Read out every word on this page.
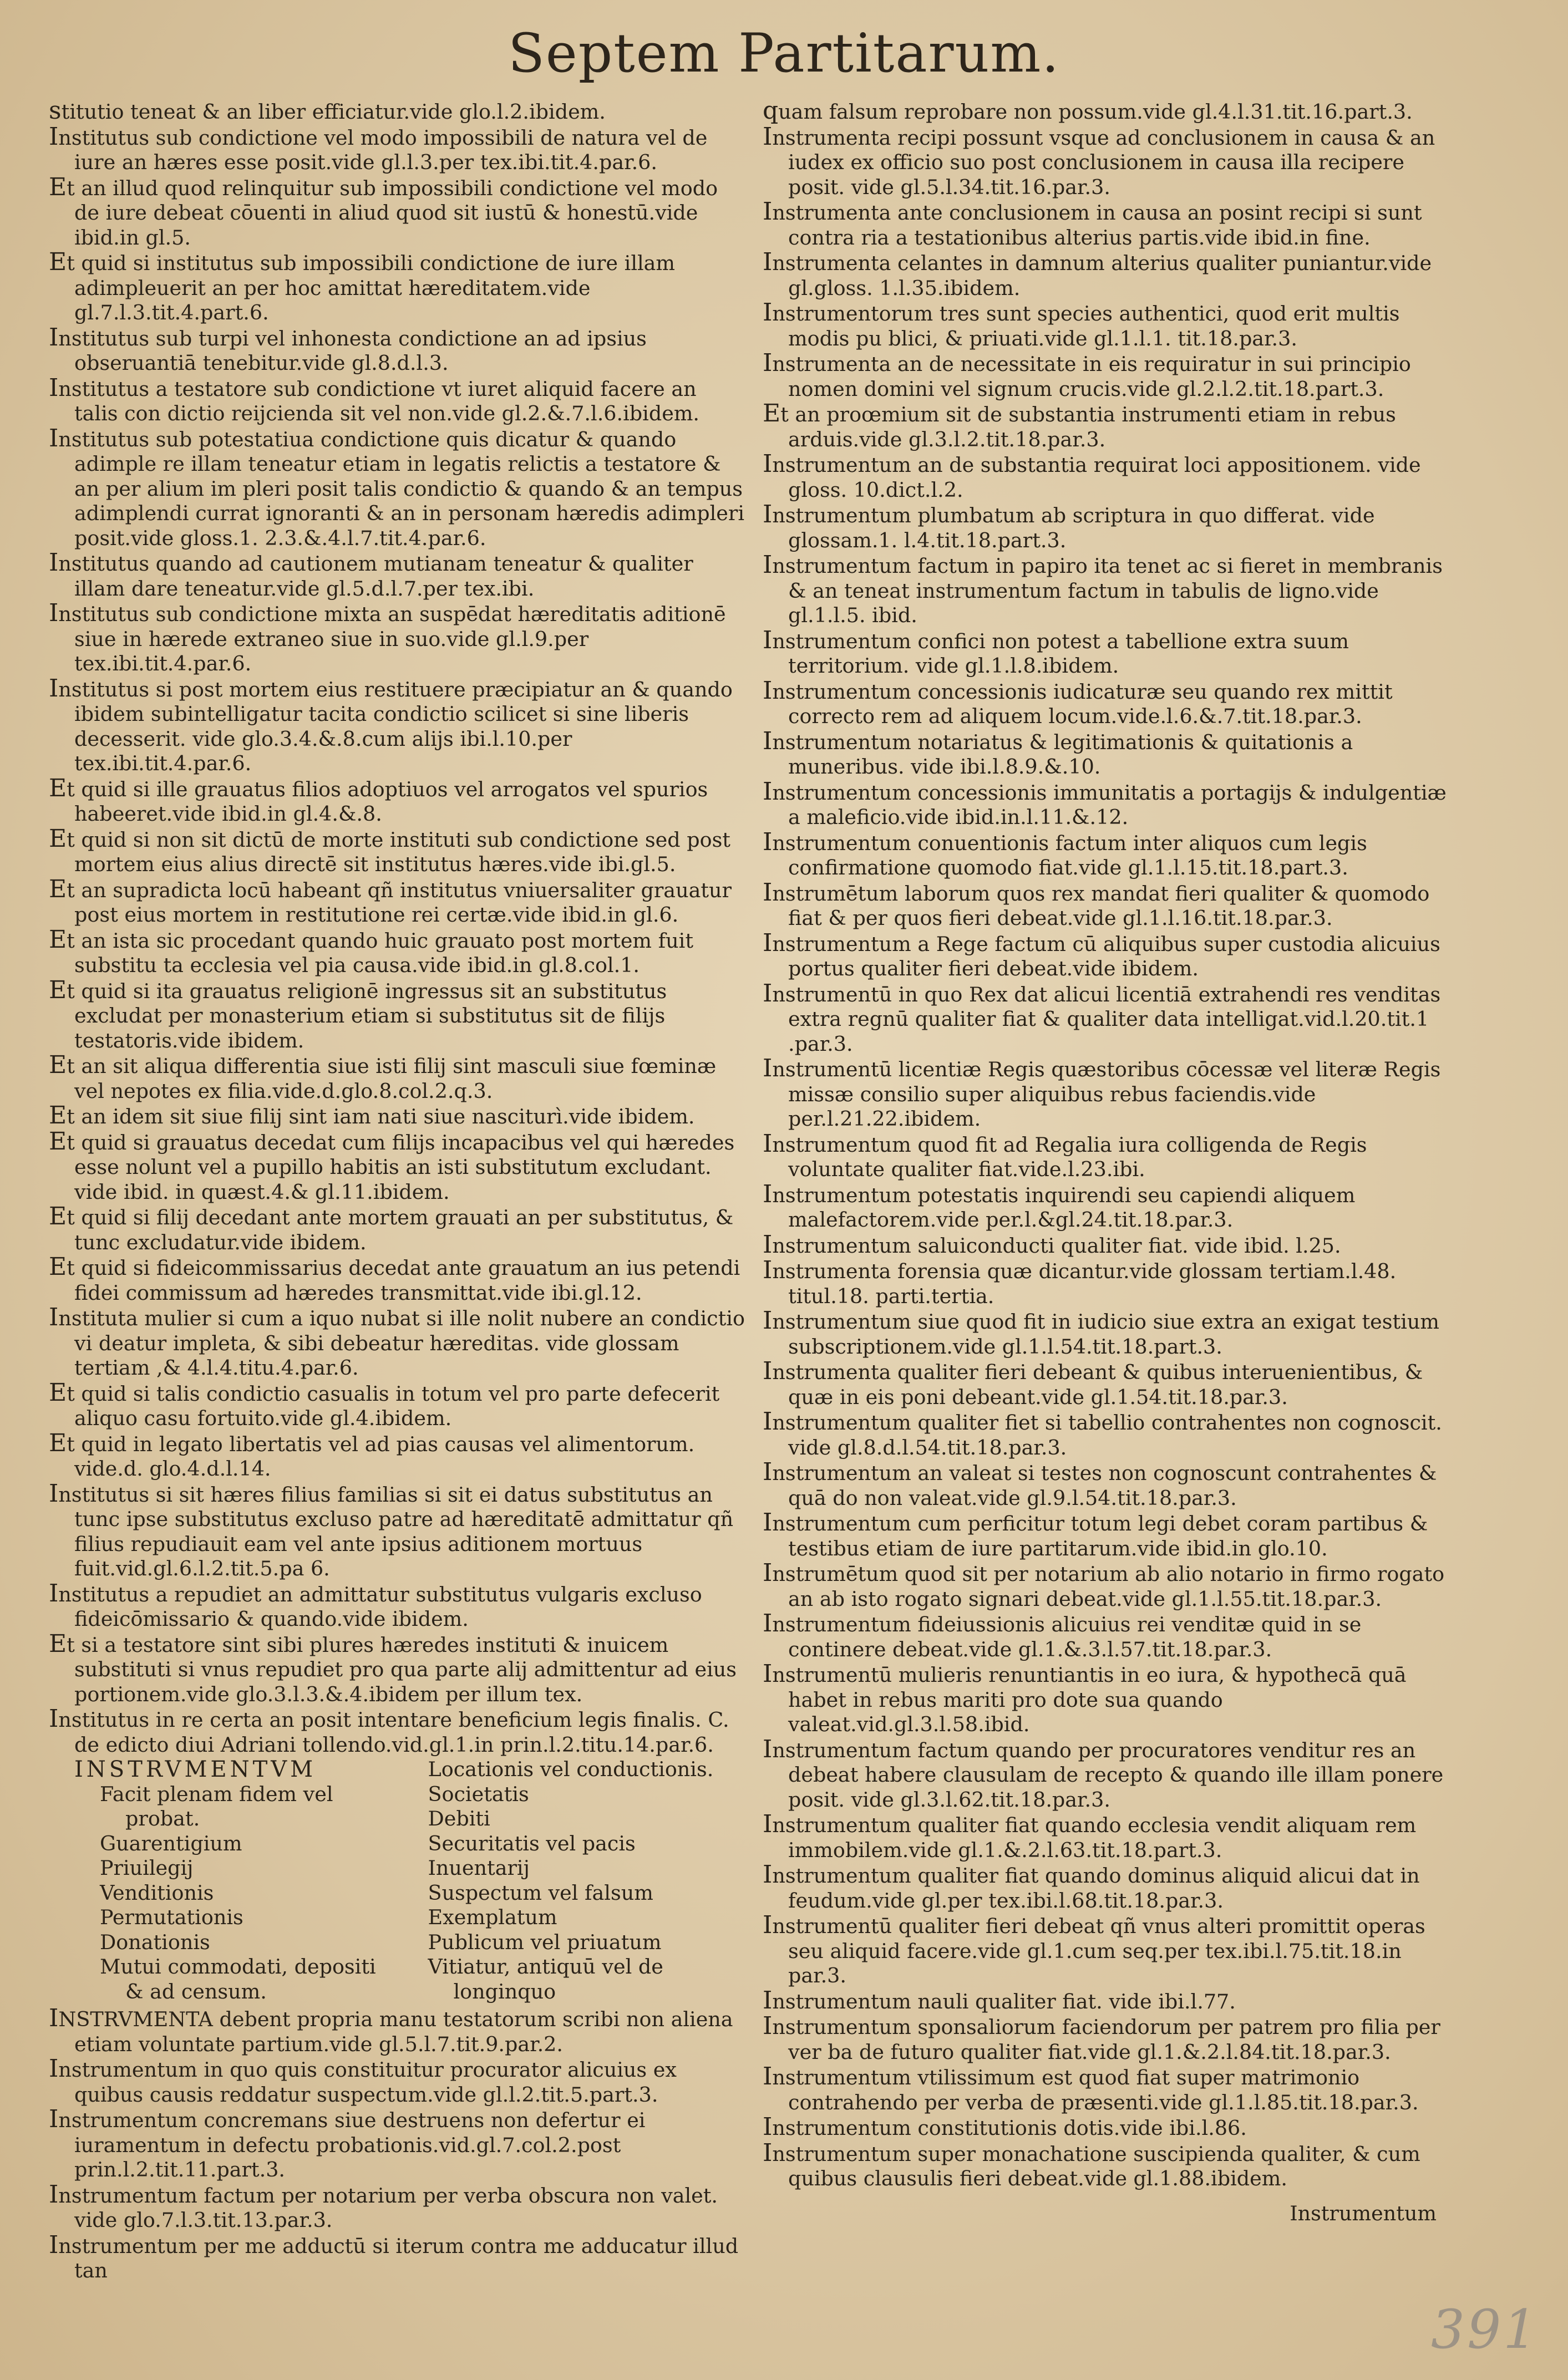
Septem Partitarum.
stitutio teneat & an liber efficiatur.vide glo.l.2.ibidem.
Institutus sub condictione vel modo impossibili de natura vel de iure an hæres esse posit.vide gl.l.3.per tex.ibi.tit.4.par.6.
Et an illud quod relinquitur sub impossibili condictione vel modo de iure debeat cōuenti in aliud quod sit iustū & honestū.vide ibid.in gl.5.
Et quid si institutus sub impossibili condictione de iure illam adimpleuerit an per hoc amittat hæreditatem.vide gl.7.l.3.tit.4.part.6.
Institutus sub turpi vel inhonesta condictione an ad ipsius obseruantiā tenebitur.vide gl.8.d.l.3.
Institutus a testatore sub condictione vt iuret aliquid facere an talis con dictio reijcienda sit vel non.vide gl.2.&.7.l.6.ibidem.
Institutus sub potestatiua condictione quis dicatur & quando adimple re illam teneatur etiam in legatis relictis a testatore & an per alium im pleri posit talis condictio & quando & an tempus adimplendi currat ignoranti & an in personam hæredis adimpleri posit.vide gloss.1. 2.3.&.4.l.7.tit.4.par.6.
Institutus quando ad cautionem mutianam teneatur & qualiter illam dare teneatur.vide gl.5.d.l.7.per tex.ibi.
Institutus sub condictione mixta an suspēdat hæreditatis aditionē siue in hærede extraneo siue in suo.vide gl.l.9.per tex.ibi.tit.4.par.6.
Institutus si post mortem eius restituere præcipiatur an & quando ibidem subintelligatur tacita condictio scilicet si sine liberis decesserit. vide glo.3.4.&.8.cum alijs ibi.l.10.per tex.ibi.tit.4.par.6.
Et quid si ille grauatus filios adoptiuos vel arrogatos vel spurios habeeret.vide ibid.in gl.4.&.8.
Et quid si non sit dictū de morte instituti sub condictione sed post mortem eius alius directē sit institutus hæres.vide ibi.gl.5.
Et an supradicta locū habeant qñ institutus vniuersaliter grauatur post eius mortem in restitutione rei certæ.vide ibid.in gl.6.
Et an ista sic procedant quando huic grauato post mortem fuit substitu ta ecclesia vel pia causa.vide ibid.in gl.8.col.1.
Et quid si ita grauatus religionē ingressus sit an substitutus excludat per monasterium etiam si substitutus sit de filijs testatoris.vide ibidem.
Et an sit aliqua differentia siue isti filij sint masculi siue fœminæ vel nepotes ex filia.vide.d.glo.8.col.2.q.3.
Et an idem sit siue filij sint iam nati siue nasciturì.vide ibidem.
Et quid si grauatus decedat cum filijs incapacibus vel qui hæredes esse nolunt vel a pupillo habitis an isti substitutum excludant. vide ibid. in quæst.4.& gl.11.ibidem.
Et quid si filij decedant ante mortem grauati an per substitutus, & tunc excludatur.vide ibidem.
Et quid si fideicommissarius decedat ante grauatum an ius petendi fidei commissum ad hæredes transmittat.vide ibi.gl.12.
Instituta mulier si cum a iquo nubat si ille nolit nubere an condictio vi deatur impleta, & sibi debeatur hæreditas. vide glossam tertiam ,& 4.l.4.titu.4.par.6.
Et quid si talis condictio casualis in totum vel pro parte defecerit aliquo casu fortuito.vide gl.4.ibidem.
Et quid in legato libertatis vel ad pias causas vel alimentorum. vide.d. glo.4.d.l.14.
Institutus si sit hæres filius familias si sit ei datus substitutus an tunc ipse substitutus excluso patre ad hæreditatē admittatur qñ filius repudiauit eam vel ante ipsius aditionem mortuus fuit.vid.gl.6.l.2.tit.5.pa 6.
Institutus a repudiet an admittatur substitutus vulgaris excluso fideicōmissario & quando.vide ibidem.
Et si a testatore sint sibi plures hæredes instituti & inuicem substituti si vnus repudiet pro qua parte alij admittentur ad eius portionem.vide glo.3.l.3.&.4.ibidem per illum tex.
Institutus in re certa an posit intentare beneficium legis finalis. C. de edicto diui Adriani tollendo.vid.gl.1.in prin.l.2.titu.14.par.6.
INSTRVMENTVM
Facit plenam fidem vel probat.
Guarentigium
Priuilegij
Venditionis
Permutationis
Donationis
Mutui commodati, depositi & ad censum.
Locationis vel conductionis.
Societatis
Debiti
Securitatis vel pacis
Inuentarij
Suspectum vel falsum
Exemplatum
Publicum vel priuatum
Vitiatur, antiquū vel de longinquo
INSTRVMENTA debent propria manu testatorum scribi non aliena etiam voluntate partium.vide gl.5.l.7.tit.9.par.2.
Instrumentum in quo quis constituitur procurator alicuius ex quibus causis reddatur suspectum.vide gl.l.2.tit.5.part.3.
Instrumentum concremans siue destruens non defertur ei iuramentum in defectu probationis.vid.gl.7.col.2.post prin.l.2.tit.11.part.3.
Instrumentum factum per notarium per verba obscura non valet. vide glo.7.l.3.tit.13.par.3.
Instrumentum per me adductū si iterum contra me adducatur illud tan
quam falsum reprobare non possum.vide gl.4.l.31.tit.16.part.3.
Instrumenta recipi possunt vsque ad conclusionem in causa & an iudex ex officio suo post conclusionem in causa illa recipere posit. vide gl.5.l.34.tit.16.par.3.
Instrumenta ante conclusionem in causa an posint recipi si sunt contra ria a testationibus alterius partis.vide ibid.in fine.
Instrumenta celantes in damnum alterius qualiter puniantur.vide gl.gloss. 1.l.35.ibidem.
Instrumentorum tres sunt species authentici, quod erit multis modis pu blici, & priuati.vide gl.1.l.1. tit.18.par.3.
Instrumenta an de necessitate in eis requiratur in sui principio nomen domini vel signum crucis.vide gl.2.l.2.tit.18.part.3.
Et an proœmium sit de substantia instrumenti etiam in rebus arduis.vide gl.3.l.2.tit.18.par.3.
Instrumentum an de substantia requirat loci appositionem. vide gloss. 10.dict.l.2.
Instrumentum plumbatum ab scriptura in quo differat. vide glossam.1. l.4.tit.18.part.3.
Instrumentum factum in papiro ita tenet ac si fieret in membranis & an teneat instrumentum factum in tabulis de ligno.vide gl.1.l.5. ibid.
Instrumentum confici non potest a tabellione extra suum territorium. vide gl.1.l.8.ibidem.
Instrumentum concessionis iudicaturæ seu quando rex mittit correcto rem ad aliquem locum.vide.l.6.&.7.tit.18.par.3.
Instrumentum notariatus & legitimationis & quitationis a muneribus. vide ibi.l.8.9.&.10.
Instrumentum concessionis immunitatis a portagijs & indulgentiæ a maleficio.vide ibid.in.l.11.&.12.
Instrumentum conuentionis factum inter aliquos cum legis confirmatione quomodo fiat.vide gl.1.l.15.tit.18.part.3.
Instrumētum laborum quos rex mandat fieri qualiter & quomodo fiat & per quos fieri debeat.vide gl.1.l.16.tit.18.par.3.
Instrumentum a Rege factum cū aliquibus super custodia alicuius portus qualiter fieri debeat.vide ibidem.
Instrumentū in quo Rex dat alicui licentiā extrahendi res venditas extra regnū qualiter fiat & qualiter data intelligat.vid.l.20.tit.1 .par.3.
Instrumentū licentiæ Regis quæstoribus cōcessæ vel literæ Regis missæ consilio super aliquibus rebus faciendis.vide per.l.21.22.ibidem.
Instrumentum quod fit ad Regalia iura colligenda de Regis voluntate qualiter fiat.vide.l.23.ibi.
Instrumentum potestatis inquirendi seu capiendi aliquem malefactorem.vide per.l.&gl.24.tit.18.par.3.
Instrumentum saluiconducti qualiter fiat. vide ibid. l.25.
Instrumenta forensia quæ dicantur.vide glossam tertiam.l.48. titul.18. parti.tertia.
Instrumentum siue quod fit in iudicio siue extra an exigat testium subscriptionem.vide gl.1.l.54.tit.18.part.3.
Instrumenta qualiter fieri debeant & quibus interuenientibus, & quæ in eis poni debeant.vide gl.1.54.tit.18.par.3.
Instrumentum qualiter fiet si tabellio contrahentes non cognoscit. vide gl.8.d.l.54.tit.18.par.3.
Instrumentum an valeat si testes non cognoscunt contrahentes & quā do non valeat.vide gl.9.l.54.tit.18.par.3.
Instrumentum cum perficitur totum legi debet coram partibus & testibus etiam de iure partitarum.vide ibid.in glo.10.
Instrumētum quod sit per notarium ab alio notario in firmo rogato an ab isto rogato signari debeat.vide gl.1.l.55.tit.18.par.3.
Instrumentum fideiussionis alicuius rei venditæ quid in se continere debeat.vide gl.1.&.3.l.57.tit.18.par.3.
Instrumentū mulieris renuntiantis in eo iura, & hypothecā quā habet in rebus mariti pro dote sua quando valeat.vid.gl.3.l.58.ibid.
Instrumentum factum quando per procuratores venditur res an debeat habere clausulam de recepto & quando ille illam ponere posit. vide gl.3.l.62.tit.18.par.3.
Instrumentum qualiter fiat quando ecclesia vendit aliquam rem immobilem.vide gl.1.&.2.l.63.tit.18.part.3.
Instrumentum qualiter fiat quando dominus aliquid alicui dat in feudum.vide gl.per tex.ibi.l.68.tit.18.par.3.
Instrumentū qualiter fieri debeat qñ vnus alteri promittit operas seu aliquid facere.vide gl.1.cum seq.per tex.ibi.l.75.tit.18.in par.3.
Instrumentum nauli qualiter fiat. vide ibi.l.77.
Instrumentum sponsaliorum faciendorum per patrem pro filia per ver ba de futuro qualiter fiat.vide gl.1.&.2.l.84.tit.18.par.3.
Instrumentum vtilissimum est quod fiat super matrimonio contrahendo per verba de præsenti.vide gl.1.l.85.tit.18.par.3.
Instrumentum constitutionis dotis.vide ibi.l.86.
Instrumentum super monachatione suscipienda qualiter, & cum quibus clausulis fieri debeat.vide gl.1.88.ibidem.
Instrumentum
391
